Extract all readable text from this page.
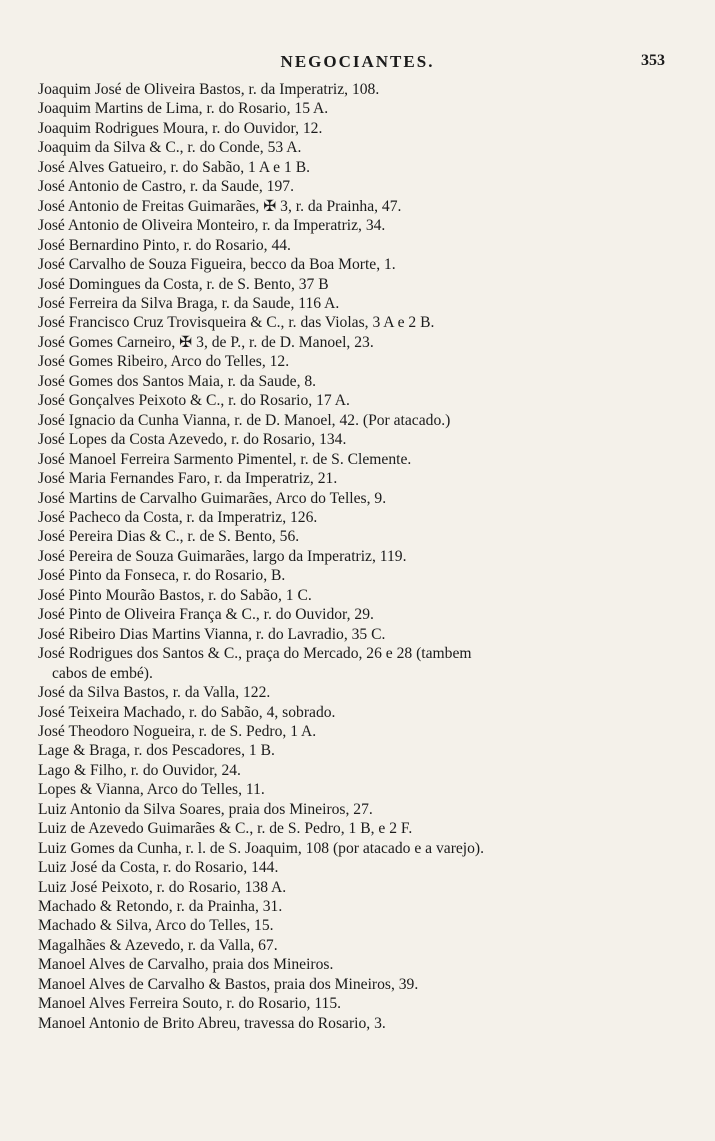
NEGOCIANTES.	353
Joaquim José de Oliveira Bastos, r. da Imperatriz, 108.
Joaquim Martins de Lima, r. do Rosario, 15 A.
Joaquim Rodrigues Moura, r. do Ouvidor, 12.
Joaquim da Silva & C., r. do Conde, 53 A.
José Alves Gatueiro, r. do Sabão, 1 A e 1 B.
José Antonio de Castro, r. da Saude, 197.
José Antonio de Freitas Guimarães, ✠ 3, r. da Prainha, 47.
José Antonio de Oliveira Monteiro, r. da Imperatriz, 34.
José Bernardino Pinto, r. do Rosario, 44.
José Carvalho de Souza Figueira, becco da Boa Morte, 1.
José Domingues da Costa, r. de S. Bento, 37 B
José Ferreira da Silva Braga, r. da Saude, 116 A.
José Francisco Cruz Trovisqueira & C., r. das Violas, 3 A e 2 B.
José Gomes Carneiro, ✠ 3, de P., r. de D. Manoel, 23.
José Gomes Ribeiro, Arco do Telles, 12.
José Gomes dos Santos Maia, r. da Saude, 8.
José Gonçalves Peixoto & C., r. do Rosario, 17 A.
José Ignacio da Cunha Vianna, r. de D. Manoel, 42. (Por atacado.)
José Lopes da Costa Azevedo, r. do Rosario, 134.
José Manoel Ferreira Sarmento Pimentel, r. de S. Clemente.
José Maria Fernandes Faro, r. da Imperatriz, 21.
José Martins de Carvalho Guimarães, Arco do Telles, 9.
José Pacheco da Costa, r. da Imperatriz, 126.
José Pereira Dias & C., r. de S. Bento, 56.
José Pereira de Souza Guimarães, largo da Imperatriz, 119.
José Pinto da Fonseca, r. do Rosario, B.
José Pinto Mourão Bastos, r. do Sabão, 1 C.
José Pinto de Oliveira França & C., r. do Ouvidor, 29.
José Ribeiro Dias Martins Vianna, r. do Lavradio, 35 C.
José Rodrigues dos Santos & C., praça do Mercado, 26 e 28 (tambem
cabos de embé).
José da Silva Bastos, r. da Valla, 122.
José Teixeira Machado, r. do Sabão, 4, sobrado.
José Theodoro Nogueira, r. de S. Pedro, 1 A.
Lage & Braga, r. dos Pescadores, 1 B.
Lago & Filho, r. do Ouvidor, 24.
Lopes & Vianna, Arco do Telles, 11.
Luiz Antonio da Silva Soares, praia dos Mineiros, 27.
Luiz de Azevedo Guimarães & C., r. de S. Pedro, 1 B, e 2 F.
Luiz Gomes da Cunha, r. l. de S. Joaquim, 108 (por atacado e a varejo).
Luiz José da Costa, r. do Rosario, 144.
Luiz José Peixoto, r. do Rosario, 138 A.
Machado & Retondo, r. da Prainha, 31.
Machado & Silva, Arco do Telles, 15.
Magalhães & Azevedo, r. da Valla, 67.
Manoel Alves de Carvalho, praia dos Mineiros.
Manoel Alves de Carvalho & Bastos, praia dos Mineiros, 39.
Manoel Alves Ferreira Souto, r. do Rosario, 115.
Manoel Antonio de Brito Abreu, travessa do Rosario, 3.
